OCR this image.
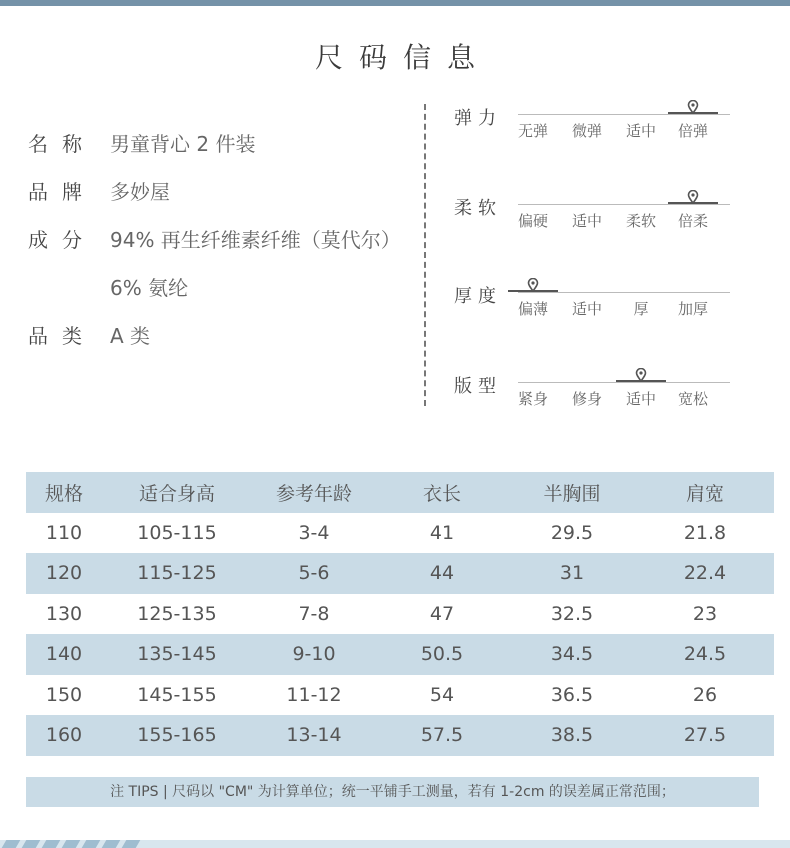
尺码信息
名称 男童背心 2 件装
品牌 多妙屋
成分 94% 再生纤维素纤维（莫代尔）
6% 氨纶
品类 A 类
弹力
无弹	微弹	适中	倍弹
柔软
偏硬	适中	柔软	倍柔
厚度
偏薄	适中	厚	加厚
版型
紧身	修身	适中	宽松
规格	适合身高	参考年龄	衣长	半胸围	肩宽
110	105-115	3-4	41	29.5	21.8
120	115-125	5-6	44	31	22.4
130	125-135	7-8	47	32.5	23
140	135-145	9-10	50.5	34.5	24.5
150	145-155	11-12	54	36.5	26
160	155-165	13-14	57.5	38.5	27.5
注 TIPS | 尺码以 "CM" 为计算单位；统一平铺手工测量，若有 1-2cm 的误差属正常范围；
